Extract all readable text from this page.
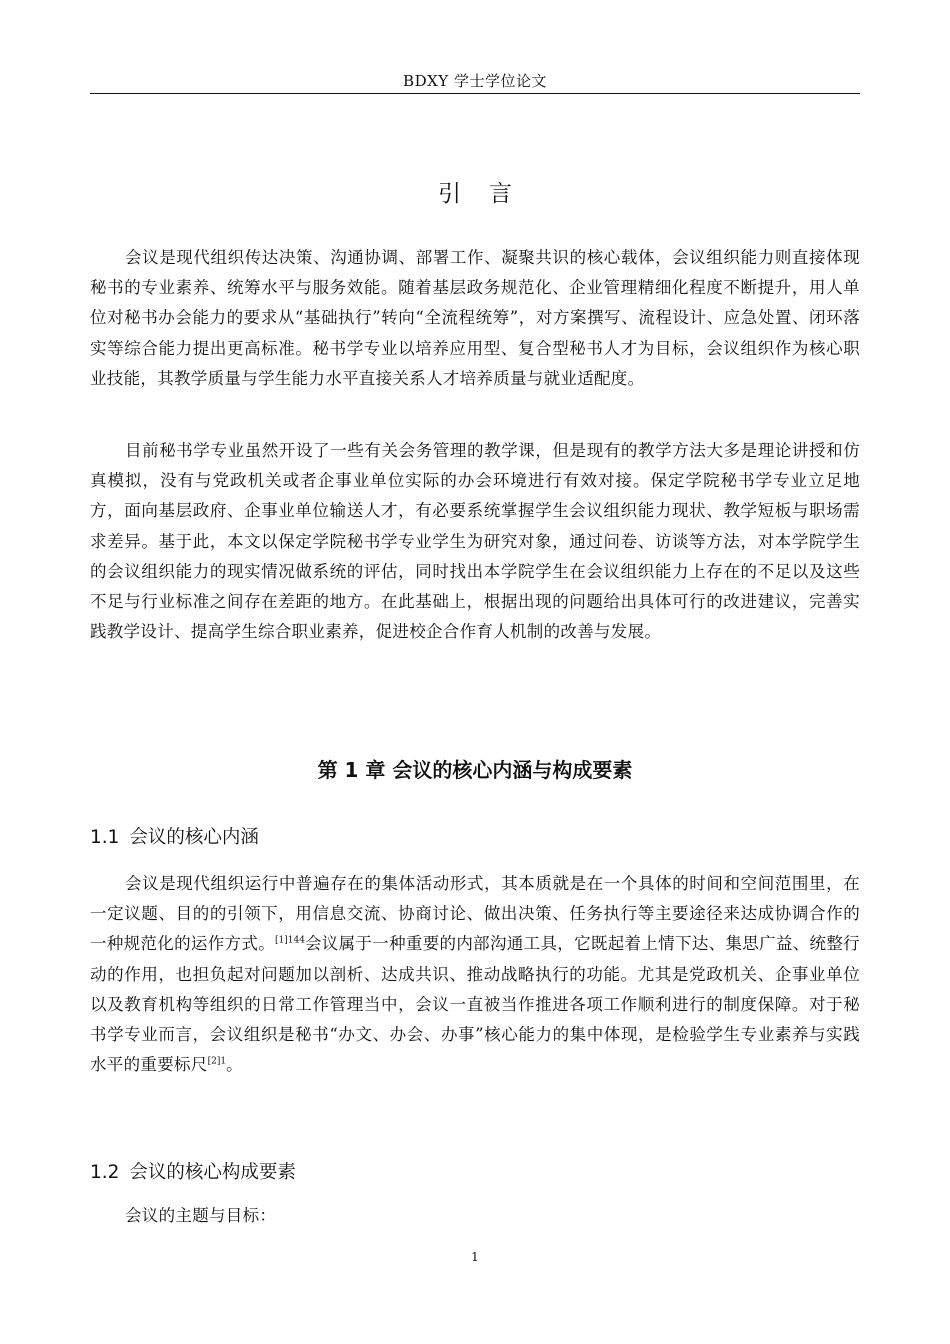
BDXY 学士学位论文
引言

会议是现代组织传达决策、沟通协调、部署工作、凝聚共识的核心载体，会议组织能力则直接体现秘书的专业素养、统筹水平与服务效能。随着基层政务规范化、企业管理精细化程度不断提升，用人单位对秘书办会能力的要求从“基础执行”转向“全流程统筹”，对方案撰写、流程设计、应急处置、闭环落实等综合能力提出更高标准。秘书学专业以培养应用型、复合型秘书人才为目标，会议组织作为核心职业技能，其教学质量与学生能力水平直接关系人才培养质量与就业适配度。

目前秘书学专业虽然开设了一些有关会务管理的教学课，但是现有的教学方法大多是理论讲授和仿真模拟，没有与党政机关或者企事业单位实际的办会环境进行有效对接。保定学院秘书学专业立足地方，面向基层政府、企事业单位输送人才，有必要系统掌握学生会议组织能力现状、教学短板与职场需求差异。基于此，本文以保定学院秘书学专业学生为研究对象，通过问卷、访谈等方法，对本学院学生的会议组织能力的现实情况做系统的评估，同时找出本学院学生在会议组织能力上存在的不足以及这些不足与行业标准之间存在差距的地方。在此基础上，根据出现的问题给出具体可行的改进建议，完善实践教学设计、提高学生综合职业素养，促进校企合作育人机制的改善与发展。

第 1 章 会议的核心内涵与构成要素
1.1 会议的核心内涵

会议是现代组织运行中普遍存在的集体活动形式，其本质就是在一个具体的时间和空间范围里，在一定议题、目的的引领下，用信息交流、协商讨论、做出决策、任务执行等主要途径来达成协调合作的一种规范化的运作方式。$^{[1]144}$会议属于一种重要的内部沟通工具，它既起着上情下达、集思广益、统整行动的作用，也担负起对问题加以剖析、达成共识、推动战略执行的功能。尤其是党政机关、企事业单位以及教育机构等组织的日常工作管理当中，会议一直被当作推进各项工作顺利进行的制度保障。对于秘书学专业而言，会议组织是秘书“办文、办会、办事”核心能力的集中体现，是检验学生专业素养与实践水平的重要标尺$^{[2]1}$。

1.2 会议的核心构成要素

会议的主题与目标：

1
